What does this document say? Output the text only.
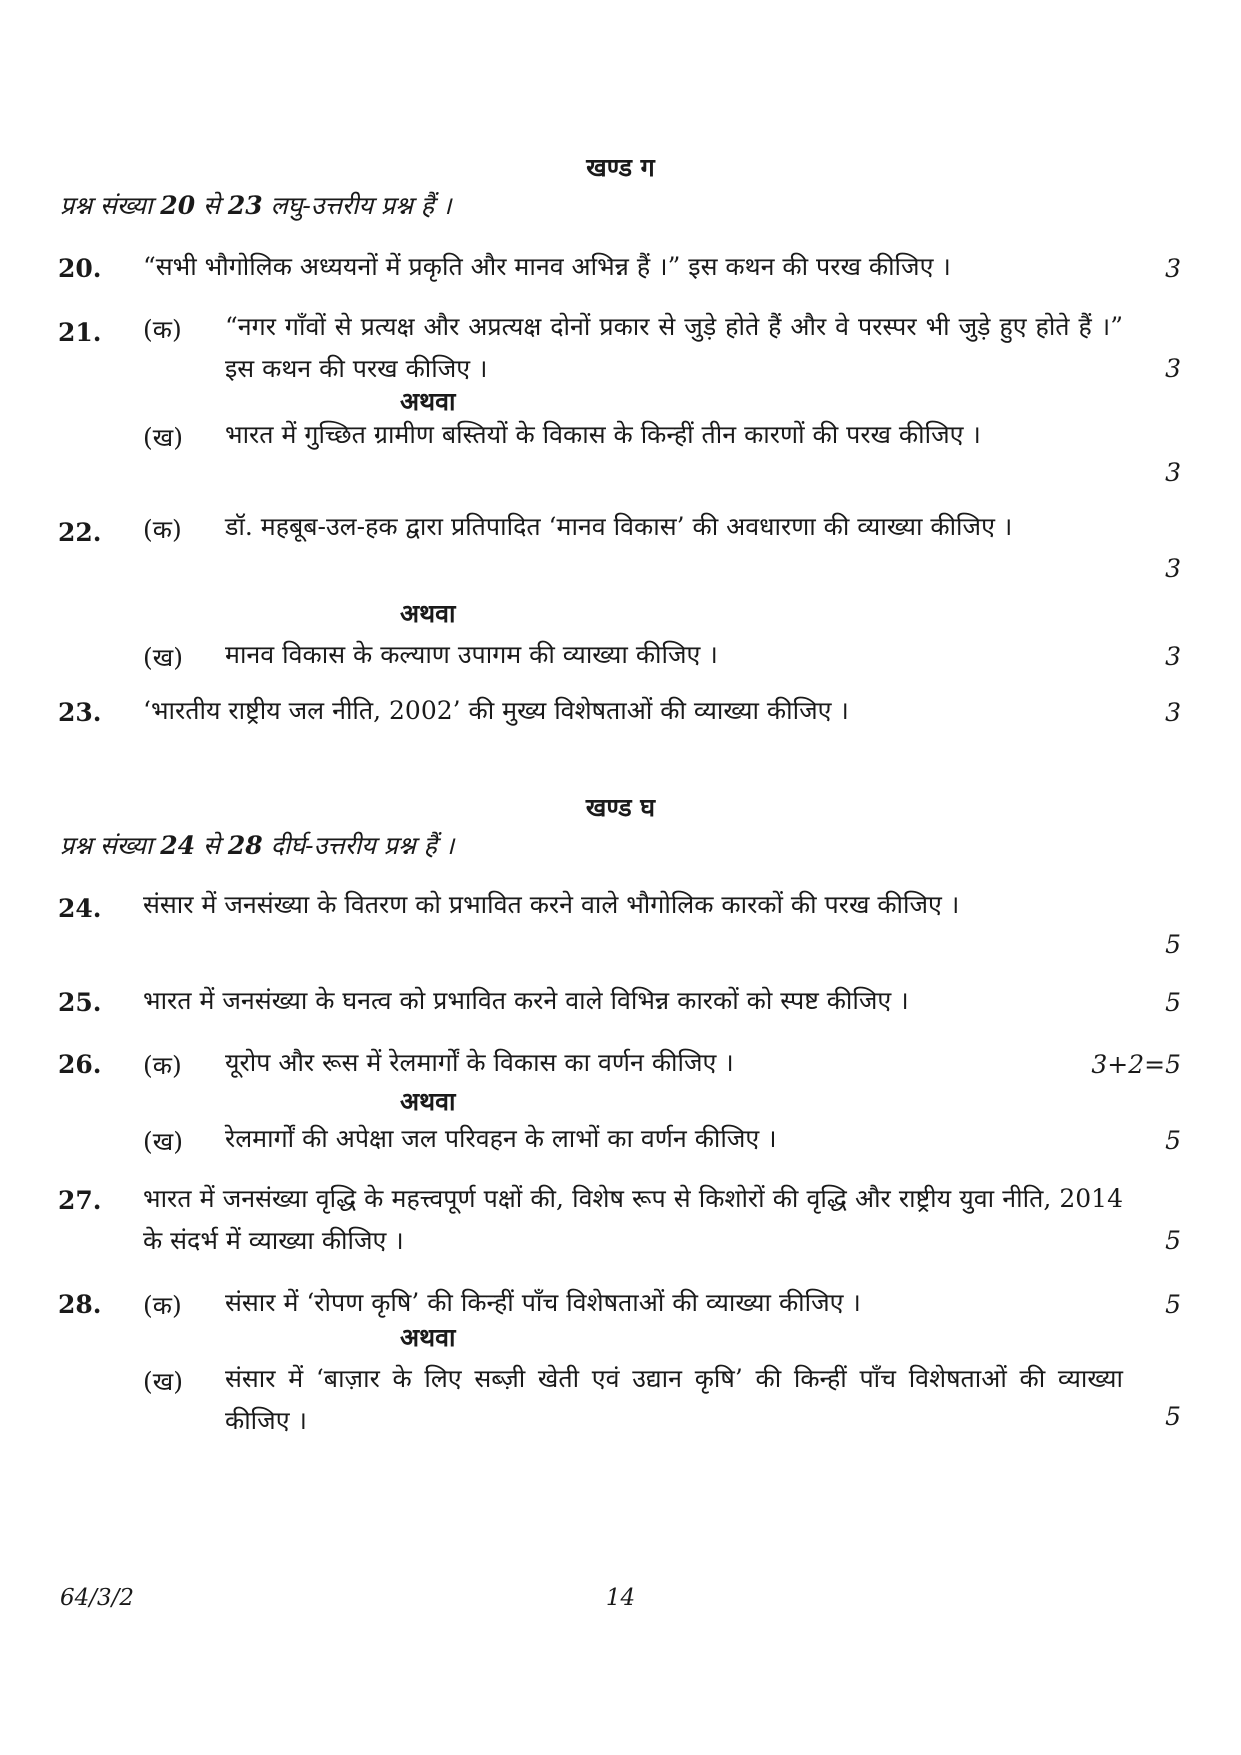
खण्ड ग
प्रश्न संख्या 20 से 23 लघु-उत्तरीय प्रश्न हैं ।
20. “सभी भौगोलिक अध्ययनों में प्रकृति और मानव अभिन्न हैं ।” इस कथन की परख कीजिए ।	3
21. (क) “नगर गाँवों से प्रत्यक्ष और अप्रत्यक्ष दोनों प्रकार से जुड़े होते हैं और वे परस्पर भी जुड़े हुए होते हैं ।” इस कथन की परख कीजिए ।	3
अथवा
(ख) भारत में गुच्छित ग्रामीण बस्तियों के विकास के किन्हीं तीन कारणों की परख कीजिए ।
3
22. (क) डॉ. महबूब-उल-हक द्वारा प्रतिपादित ‘मानव विकास’ की अवधारणा की व्याख्या कीजिए ।
3
अथवा
(ख) मानव विकास के कल्याण उपागम की व्याख्या कीजिए ।	3
23. ‘भारतीय राष्ट्रीय जल नीति, 2002’ की मुख्य विशेषताओं की व्याख्या कीजिए ।	3
खण्ड घ
प्रश्न संख्या 24 से 28 दीर्घ-उत्तरीय प्रश्न हैं ।
24. संसार में जनसंख्या के वितरण को प्रभावित करने वाले भौगोलिक कारकों की परख कीजिए ।
5
25. भारत में जनसंख्या के घनत्व को प्रभावित करने वाले विभिन्न कारकों को स्पष्ट कीजिए ।	5
26. (क) यूरोप और रूस में रेलमार्गों के विकास का वर्णन कीजिए ।	3+2=5
अथवा
(ख) रेलमार्गों की अपेक्षा जल परिवहन के लाभों का वर्णन कीजिए ।	5
27. भारत में जनसंख्या वृद्धि के महत्त्वपूर्ण पक्षों की, विशेष रूप से किशोरों की वृद्धि और राष्ट्रीय युवा नीति, 2014 के संदर्भ में व्याख्या कीजिए ।	5
28. (क) संसार में ‘रोपण कृषि’ की किन्हीं पाँच विशेषताओं की व्याख्या कीजिए ।	5
अथवा
(ख) संसार में ‘बाज़ार के लिए सब्ज़ी खेती एवं उद्यान कृषि’ की किन्हीं पाँच विशेषताओं की व्याख्या कीजिए ।	5
64/3/2	14
